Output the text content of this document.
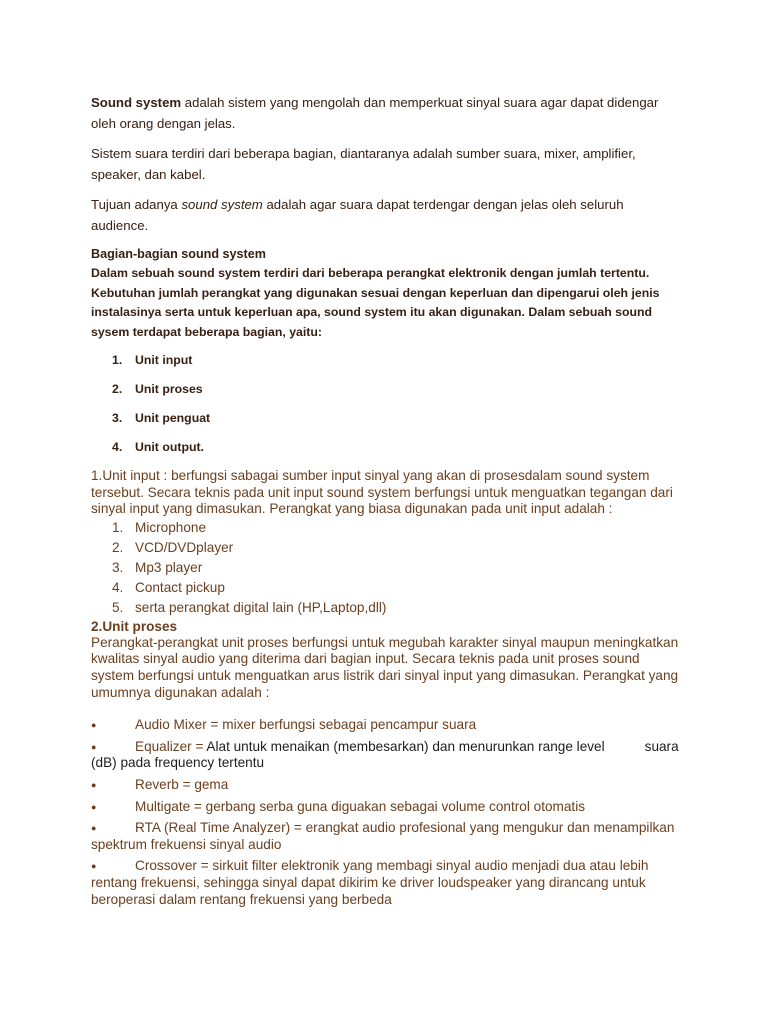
Sound system adalah sistem yang mengolah dan memperkuat sinyal suara agar dapat didengar oleh orang dengan jelas.

Sistem suara terdiri dari beberapa bagian, diantaranya adalah sumber suara, mixer, amplifier, speaker, dan kabel.

Tujuan adanya sound system adalah agar suara dapat terdengar dengan jelas oleh seluruh audience.

Bagian-bagian sound system

Dalam sebuah sound system terdiri dari beberapa perangkat elektronik dengan jumlah tertentu. Kebutuhan jumlah perangkat yang digunakan sesuai dengan keperluan dan dipengarui oleh jenis instalasinya serta untuk keperluan apa, sound system itu akan digunakan. Dalam sebuah sound sysem terdapat beberapa bagian, yaitu:

1. Unit input
2. Unit proses
3. Unit penguat
4. Unit output.

1.Unit input : berfungsi sabagai sumber input sinyal yang akan di prosesdalam sound system tersebut. Secara teknis pada unit input sound system berfungsi untuk menguatkan tegangan dari sinyal input yang dimasukan. Perangkat yang biasa digunakan pada unit input adalah :

1. Microphone
2. VCD/DVDplayer
3. Mp3 player
4. Contact pickup
5. serta perangkat digital lain (HP,Laptop,dll)
2.Unit proses

Perangkat-perangkat unit proses berfungsi untuk megubah karakter sinyal maupun meningkatkan kwalitas sinyal audio yang diterima dari bagian input. Secara teknis pada unit proses sound system berfungsi untuk menguatkan arus listrik dari sinyal input yang dimasukan. Perangkat yang umumnya digunakan adalah :

●	Audio Mixer = mixer berfungsi sebagai pencampur suara
●	Equalizer = Alat untuk menaikan (membesarkan) dan menurunkan range level	suara (dB) pada frequency tertentu
●	Reverb = gema
●	Multigate = gerbang serba guna diguakan sebagai volume control otomatis
●	RTA (Real Time Analyzer) = erangkat audio profesional yang mengukur dan menampilkan spektrum frekuensi sinyal audio
●	Crossover = sirkuit filter elektronik yang membagi sinyal audio menjadi dua atau lebih rentang frekuensi, sehingga sinyal dapat dikirim ke driver loudspeaker yang dirancang untuk beroperasi dalam rentang frekuensi yang berbeda
